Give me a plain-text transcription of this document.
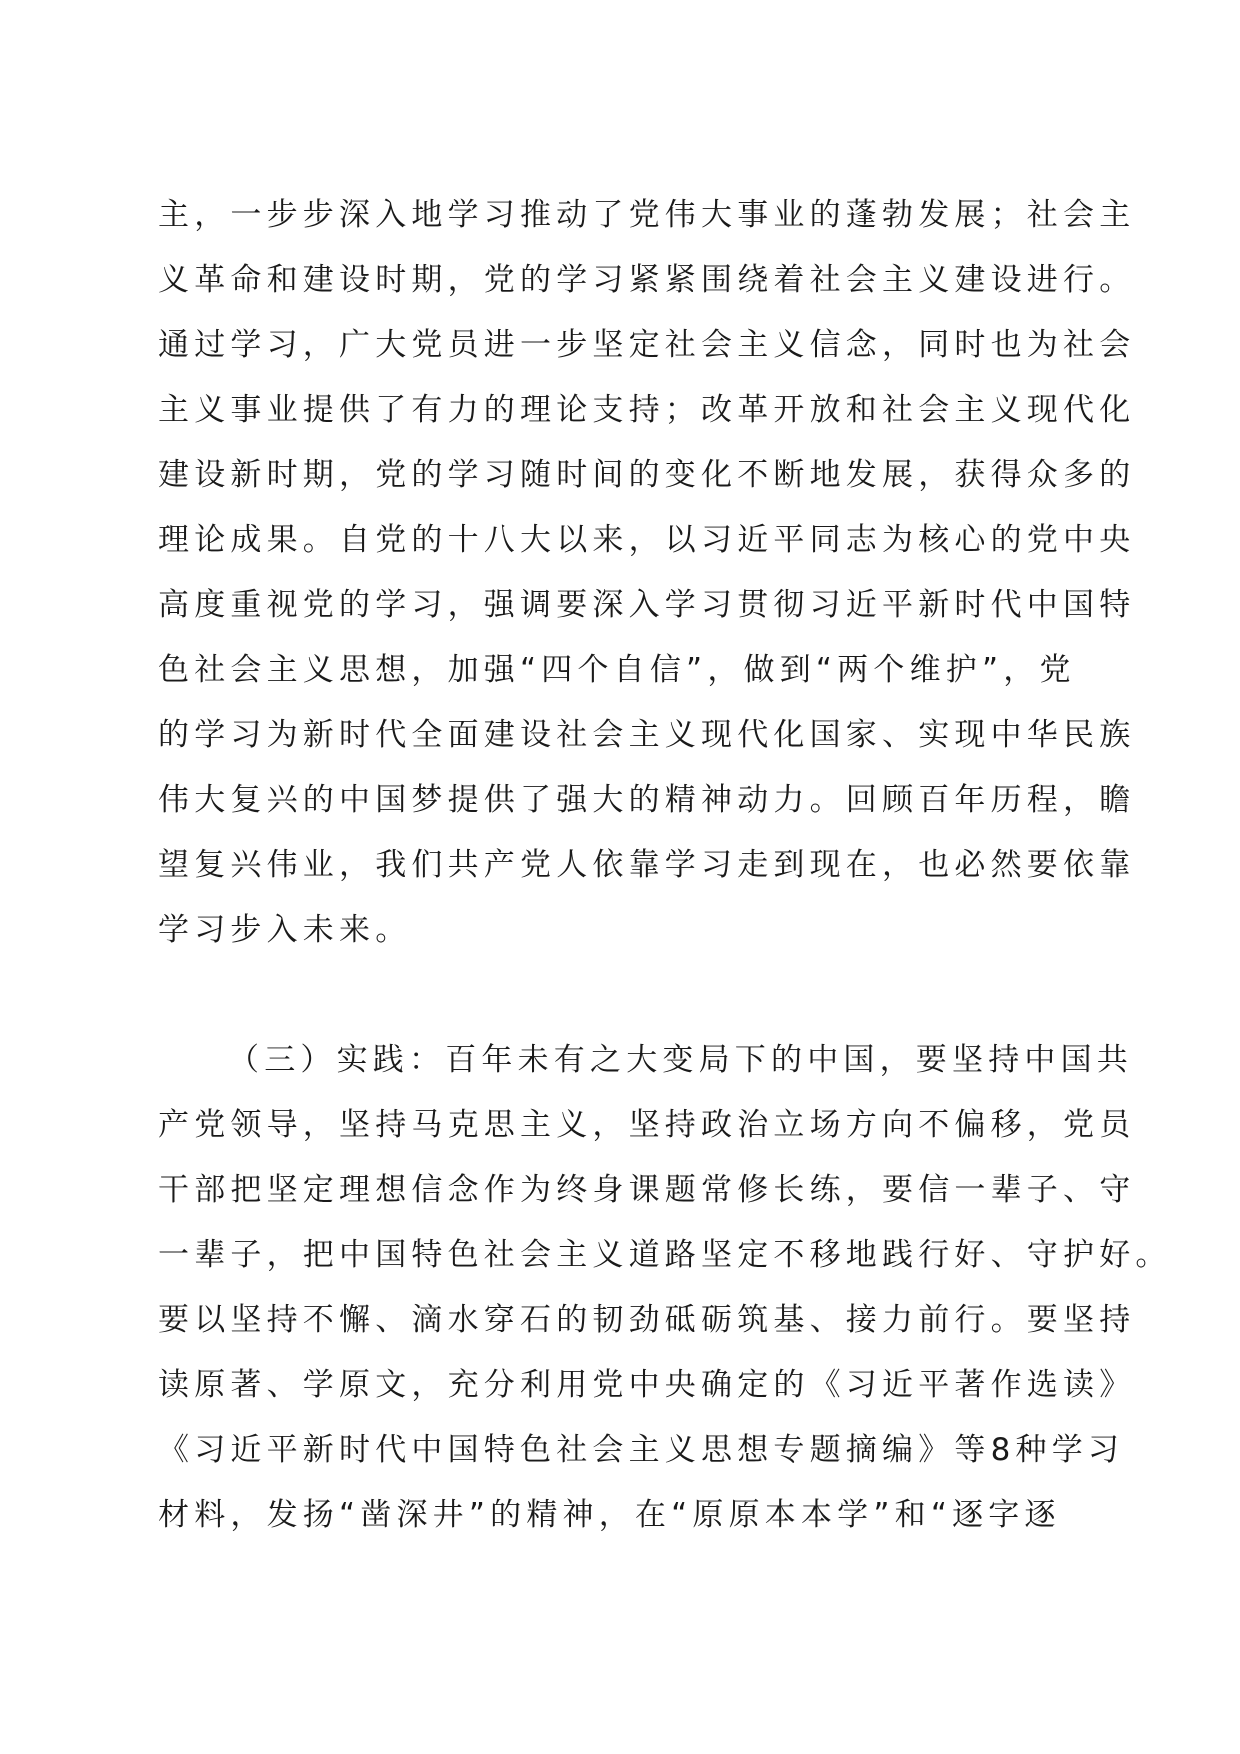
主，一步步深入地学习推动了党伟大事业的蓬勃发展；社会主
义革命和建设时期，党的学习紧紧围绕着社会主义建设进行。
通过学习，广大党员进一步坚定社会主义信念，同时也为社会
主义事业提供了有力的理论支持；改革开放和社会主义现代化
建设新时期，党的学习随时间的变化不断地发展，获得众多的
理论成果。自党的十八大以来，以习近平同志为核心的党中央
高度重视党的学习，强调要深入学习贯彻习近平新时代中国特
色社会主义思想，加强“四个自信”，做到“两个维护”，党
的学习为新时代全面建设社会主义现代化国家、实现中华民族
伟大复兴的中国梦提供了强大的精神动力。回顾百年历程，瞻
望复兴伟业，我们共产党人依靠学习走到现在，也必然要依靠
学习步入未来。
（三）实践：百年未有之大变局下的中国，要坚持中国共
产党领导，坚持马克思主义，坚持政治立场方向不偏移，党员
干部把坚定理想信念作为终身课题常修长练，要信一辈子、守
一辈子，把中国特色社会主义道路坚定不移地践行好、守护好。
要以坚持不懈、滴水穿石的韧劲砥砺筑基、接力前行。要坚持
读原著、学原文，充分利用党中央确定的《习近平著作选读》
《习近平新时代中国特色社会主义思想专题摘编》等8种学习
材料，发扬“凿深井”的精神，在“原原本本学”和“逐字逐
